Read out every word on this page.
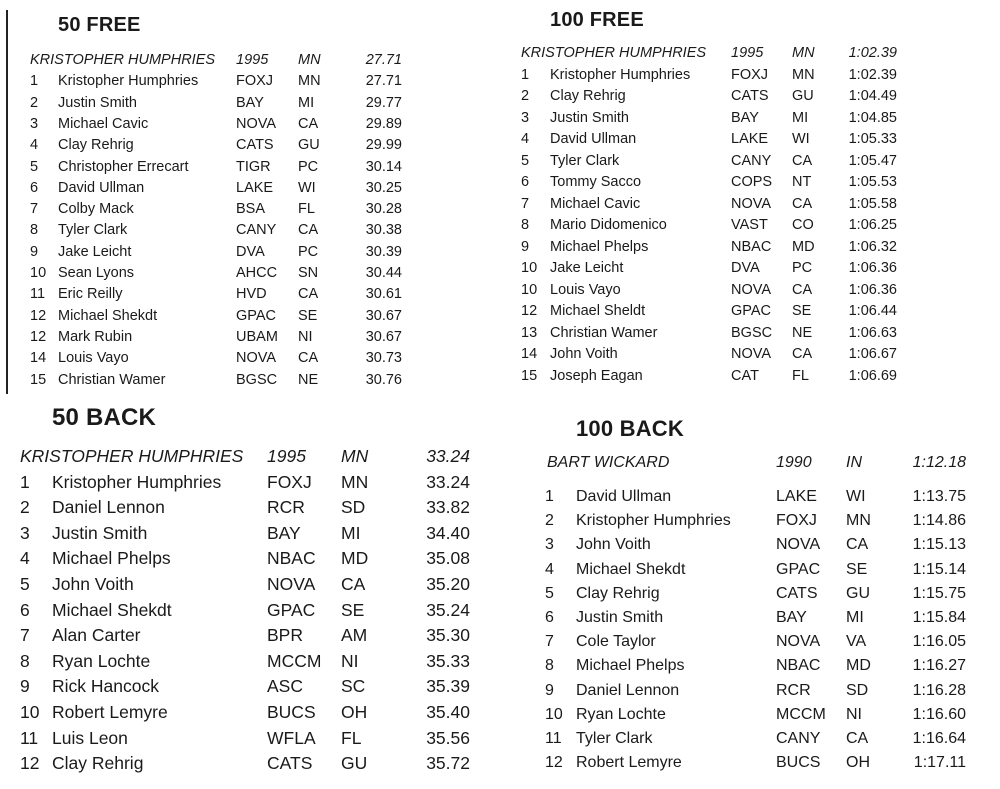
50 FREE
KRISTOPHER HUMPHRIES 1995 MN	27.71
1 Kristopher Humphries	FOXJ MN	27.71
2 Justin Smith	BAY MI	29.77
3 Michael Cavic	NOVA CA	29.89
4 Clay Rehrig	CATS GU	29.99
5 Christopher Errecart	TIGR PC	30.14
6 David Ullman	LAKE WI	30.25
7 Colby Mack	BSA FL	30.28
8 Tyler Clark	CANY CA	30.38
9 Jake Leicht	DVA PC	30.39
10 Sean Lyons	AHCC SN	30.44
11 Eric Reilly	HVD CA	30.61
12 Michael Shekdt	GPAC SE	30.67
12 Mark Rubin	UBAM NI	30.67
14 Louis Vayo	NOVA CA	30.73
15 Christian Wamer	BGSC NE	30.76
100 FREE
KRISTOPHER HUMPHRIES 1995 MN	1:02.39
1 Kristopher Humphries	FOXJ MN	1:02.39
2 Clay Rehrig	CATS GU	1:04.49
3 Justin Smith	BAY MI	1:04.85
4 David Ullman	LAKE WI	1:05.33
5 Tyler Clark	CANY CA	1:05.47
6 Tommy Sacco	COPS NT	1:05.53
7 Michael Cavic	NOVA CA	1:05.58
8 Mario Didomenico	VAST CO	1:06.25
9 Michael Phelps	NBAC MD	1:06.32
10 Jake Leicht	DVA PC	1:06.36
10 Louis Vayo	NOVA CA	1:06.36
12 Michael Sheldt	GPAC SE	1:06.44
13 Christian Wamer	BGSC NE	1:06.63
14 John Voith	NOVA CA	1:06.67
15 Joseph Eagan	CAT FL	1:06.69
50 BACK
KRISTOPHER HUMPHRIES 1995 MN	33.24
1 Kristopher Humphries	FOXJ MN	33.24
2 Daniel Lennon	RCR SD	33.82
3 Justin Smith	BAY MI	34.40
4 Michael Phelps	NBAC MD	35.08
5 John Voith	NOVA CA	35.20
6 Michael Shekdt	GPAC SE	35.24
7 Alan Carter	BPR AM	35.30
8 Ryan Lochte	MCCM NI	35.33
9 Rick Hancock	ASC SC	35.39
10 Robert Lemyre	BUCS OH	35.40
11 Luis Leon	WFLA FL	35.56
12 Clay Rehrig	CATS GU	35.72
100 BACK
BART WICKARD	1990 IN	1:12.18
1 David Ullman	LAKE WI	1:13.75
2 Kristopher Humphries	FOXJ MN	1:14.86
3 John Voith	NOVA CA	1:15.13
4 Michael Shekdt	GPAC SE	1:15.14
5 Clay Rehrig	CATS GU	1:15.75
6 Justin Smith	BAY MI	1:15.84
7 Cole Taylor	NOVA VA	1:16.05
8 Michael Phelps	NBAC MD	1:16.27
9 Daniel Lennon	RCR SD	1:16.28
10 Ryan Lochte	MCCM NI	1:16.60
11 Tyler Clark	CANY CA	1:16.64
12 Robert Lemyre	BUCS OH	1:17.11
